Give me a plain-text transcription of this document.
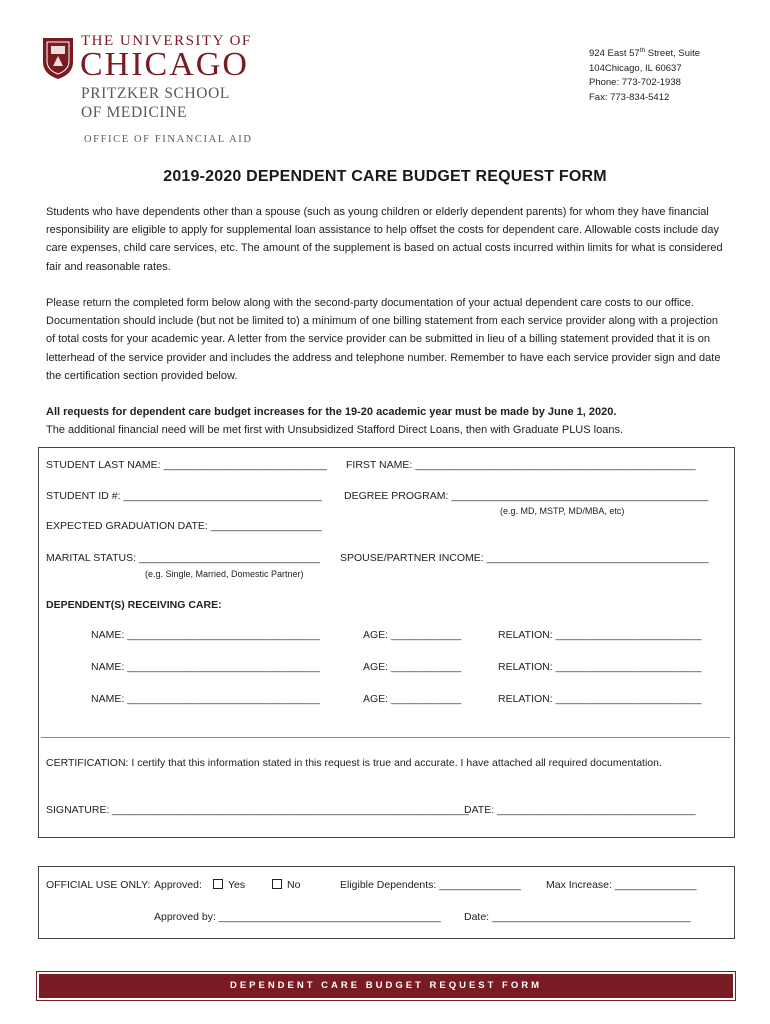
THE UNIVERSITY OF
CHICAGO
PRITZKER SCHOOL
OF MEDICINE
OFFICE OF FINANCIAL AID
924 East 57th Street, Suite
104Chicago, IL 60637
Phone: 773-702-1938
Fax: 773-834-5412
2019-2020 DEPENDENT CARE BUDGET REQUEST FORM
Students who have dependents other than a spouse (such as young children or elderly dependent parents) for whom they have financial responsibility are eligible to apply for supplemental loan assistance to help offset the costs for dependent care. Allowable costs include day care expenses, child care services, etc. The amount of the supplement is based on actual costs incurred within limits for what is considered fair and reasonable rates.
Please return the completed form below along with the second-party documentation of your actual dependent care costs to our office. Documentation should include (but not be limited to) a minimum of one billing statement from each service provider along with a projection of total costs for your academic year. A letter from the service provider can be submitted in lieu of a billing statement provided that it is on letterhead of the service provider and includes the address and telephone number. Remember to have each service provider sign and date the certification section provided below.
All requests for dependent care budget increases for the 19-20 academic year must be made by June 1, 2020.
The additional financial need will be met first with Unsubsidized Stafford Direct Loans, then with Graduate PLUS loans.
STUDENT LAST NAME: ____________________________ FIRST NAME: ________________________________________________
STUDENT ID #: __________________________________ DEGREE PROGRAM: ____________________________________________
(e.g. MD, MSTP, MD/MBA, etc)
EXPECTED GRADUATION DATE: ___________________
MARITAL STATUS: _______________________________ SPOUSE/PARTNER INCOME: ______________________________________
(e.g. Single, Married, Domestic Partner)
DEPENDENT(S) RECEIVING CARE:
NAME: _________________________________	AGE: ____________	RELATION: _________________________
NAME: _________________________________	AGE: ____________	RELATION: _________________________
NAME: _________________________________	AGE: ____________	RELATION: _________________________
CERTIFICATION: I certify that this information stated in this request is true and accurate. I have attached all required documentation.
SIGNATURE: _____________________________________________________________
DATE: __________________________________
OFFICIAL USE ONLY: Approved:	Yes	No	Eligible Dependents: ______________ Max Increase: ______________
Approved by: ______________________________________ Date: __________________________________
DEPENDENT CARE BUDGET REQUEST FORM
